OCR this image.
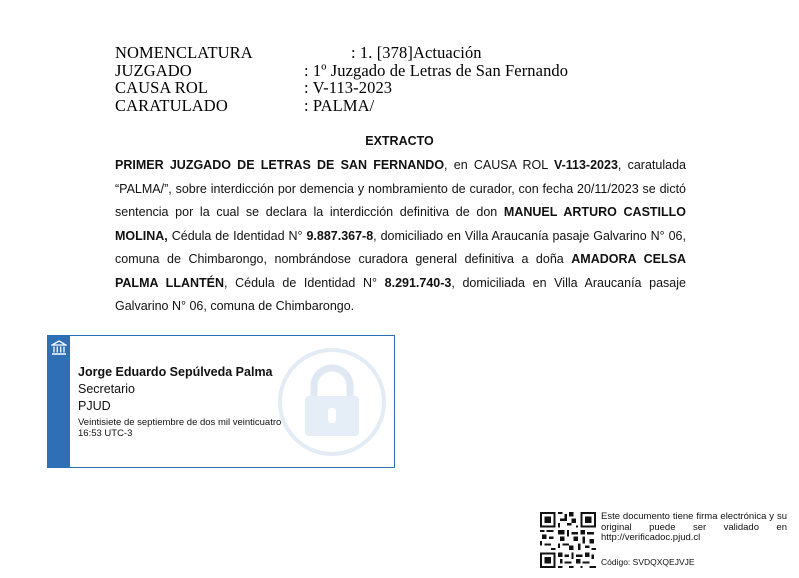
NOMENCLATURA	: 1. [378]Actuación
JUZGADO	: 1º Juzgado de Letras de San Fernando
CAUSA ROL	: V-113-2023
CARATULADO	: PALMA/
EXTRACTO
PRIMER JUZGADO DE LETRAS DE SAN FERNANDO, en CAUSA ROL V-113-2023, caratulada “PALMA/”, sobre interdicción por demencia y nombramiento de curador, con fecha 20/11/2023 se dictó sentencia por la cual se declara la interdicción definitiva de don MANUEL ARTURO CASTILLO MOLINA, Cédula de Identidad N° 9.887.367-8, domiciliado en Villa Araucanía pasaje Galvarino N° 06, comuna de Chimbarongo, nombrándose curadora general definitiva a doña AMADORA CELSA PALMA LLANTÉN, Cédula de Identidad N° 8.291.740-3, domiciliada en Villa Araucanía pasaje Galvarino N° 06, comuna de Chimbarongo.
Jorge Eduardo Sepúlveda Palma
Secretario
PJUD
Veintisiete de septiembre de dos mil veinticuatro
16:53 UTC-3
Este documento tiene firma electrónica y su original puede ser validado en http://verificadoc.pjud.cl
Código: SVDQXQEJVJE
